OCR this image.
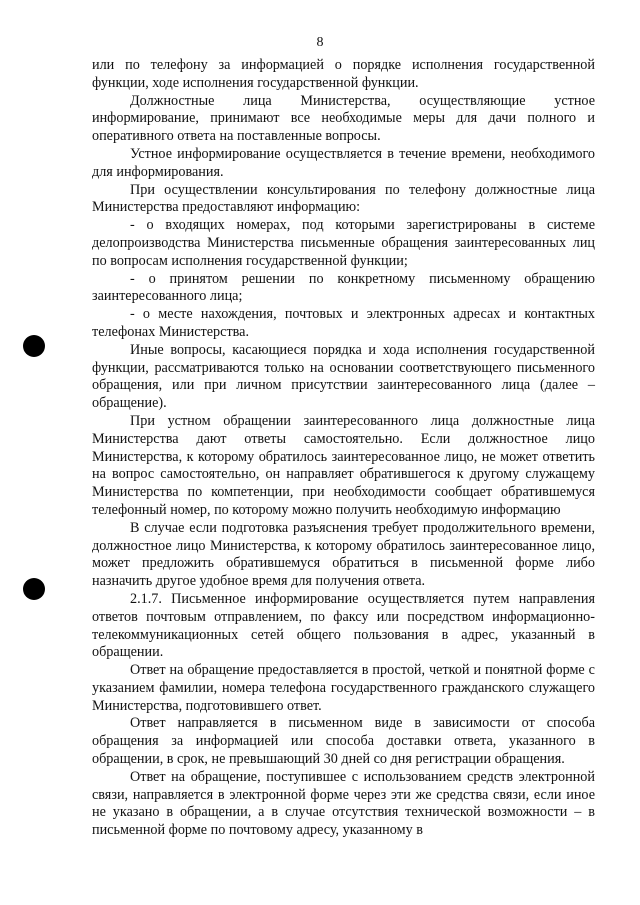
8

или по телефону за информацией о порядке исполнения государственной функции, ходе исполнения государственной функции.

Должностные лица Министерства, осуществляющие устное информирование, принимают все необходимые меры для дачи полного и оперативного ответа на поставленные вопросы.

Устное информирование осуществляется в течение времени, необходимого для информирования.

При осуществлении консультирования по телефону должностные лица Министерства предоставляют информацию:

- о входящих номерах, под которыми зарегистрированы в системе делопроизводства Министерства письменные обращения заинтересованных лиц по вопросам исполнения государственной функции;

- о принятом решении по конкретному письменному обращению заинтересованного лица;

- о месте нахождения, почтовых и электронных адресах и контактных телефонах Министерства.

Иные вопросы, касающиеся порядка и хода исполнения государственной функции, рассматриваются только на основании соответствующего письменного обращения, или при личном присутствии заинтересованного лица (далее – обращение).

При устном обращении заинтересованного лица должностные лица Министерства дают ответы самостоятельно. Если должностное лицо Министерства, к которому обратилось заинтересованное лицо, не может ответить на вопрос самостоятельно, он направляет обратившегося к другому служащему Министерства по компетенции, при необходимости сообщает обратившемуся телефонный номер, по которому можно получить необходимую информацию

В случае если подготовка разъяснения требует продолжительного времени, должностное лицо Министерства, к которому обратилось заинтересованное лицо, может предложить обратившемуся обратиться в письменной форме либо назначить другое удобное время для получения ответа.

2.1.7. Письменное информирование осуществляется путем направления ответов почтовым отправлением, по факсу или посредством информационно-телекоммуникационных сетей общего пользования в адрес, указанный в обращении.

Ответ на обращение предоставляется в простой, четкой и понятной форме с указанием фамилии, номера телефона государственного гражданского служащего Министерства, подготовившего ответ.

Ответ направляется в письменном виде в зависимости от способа обращения за информацией или способа доставки ответа, указанного в обращении, в срок, не превышающий 30 дней со дня регистрации обращения.

Ответ на обращение, поступившее с использованием средств электронной связи, направляется в электронной форме через эти же средства связи, если иное не указано в обращении, а в случае отсутствия технической возможности – в письменной форме по почтовому адресу, указанному в
